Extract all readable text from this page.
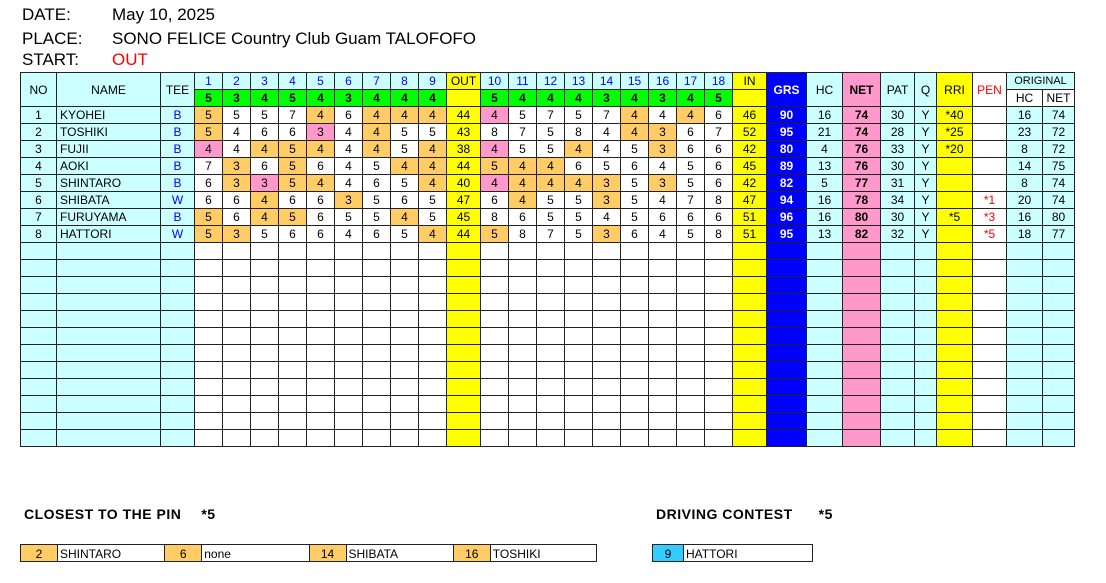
DATE: May 10, 2025
PLACE: SONO FELICE Country Club Guam TALOFOFO
START: OUT
NO	NAME	TEE	1	2	3	4	5	6	7	8	9	OUT	10	11	12	13	14	15	16	17	18	IN	GRS	HC	NET	PAT	Q	RRI	PEN	ORIGINAL	
			5	3	4	5	4	3	4	4	4		5	4	4	4	3	4	3	4	5									HC	NET
1	KYOHEI	B	5	5	5	7	4	6	4	4	4	44	4	5	7	5	7	4	4	4	6	46	90	16	74	30	Y	*40		16	74
2	TOSHIKI	B	5	4	6	6	3	4	4	5	5	43	8	7	5	8	4	4	3	6	7	52	95	21	74	28	Y	*25		23	72
3	FUJII	B	4	4	4	5	4	4	4	5	4	38	4	5	5	4	4	5	3	6	6	42	80	4	76	33	Y	*20		8	72
4	AOKI	B	7	3	6	5	6	4	5	4	4	44	5	4	4	6	5	6	4	5	6	45	89	13	76	30	Y			14	75
5	SHINTARO	B	6	3	3	5	4	4	6	5	4	40	4	4	4	4	3	5	3	5	6	42	82	5	77	31	Y			8	74
6	SHIBATA	W	6	6	4	6	6	3	5	6	5	47	6	4	5	5	3	5	4	7	8	47	94	16	78	34	Y		*1	20	74
7	FURUYAMA	B	5	6	4	5	6	5	5	4	5	45	8	6	5	5	4	5	6	6	6	51	96	16	80	30	Y	*5	*3	16	80
8	HATTORI	W	5	3	5	6	6	4	6	5	4	44	5	8	7	5	3	6	4	5	8	51	95	13	82	32	Y		*5	18	77

CLOSEST TO THE PIN *5	DRIVING CONTEST *5
2	SHINTARO	6	none	14	SHIBATA	16	TOSHIKI	9	HATTORI
